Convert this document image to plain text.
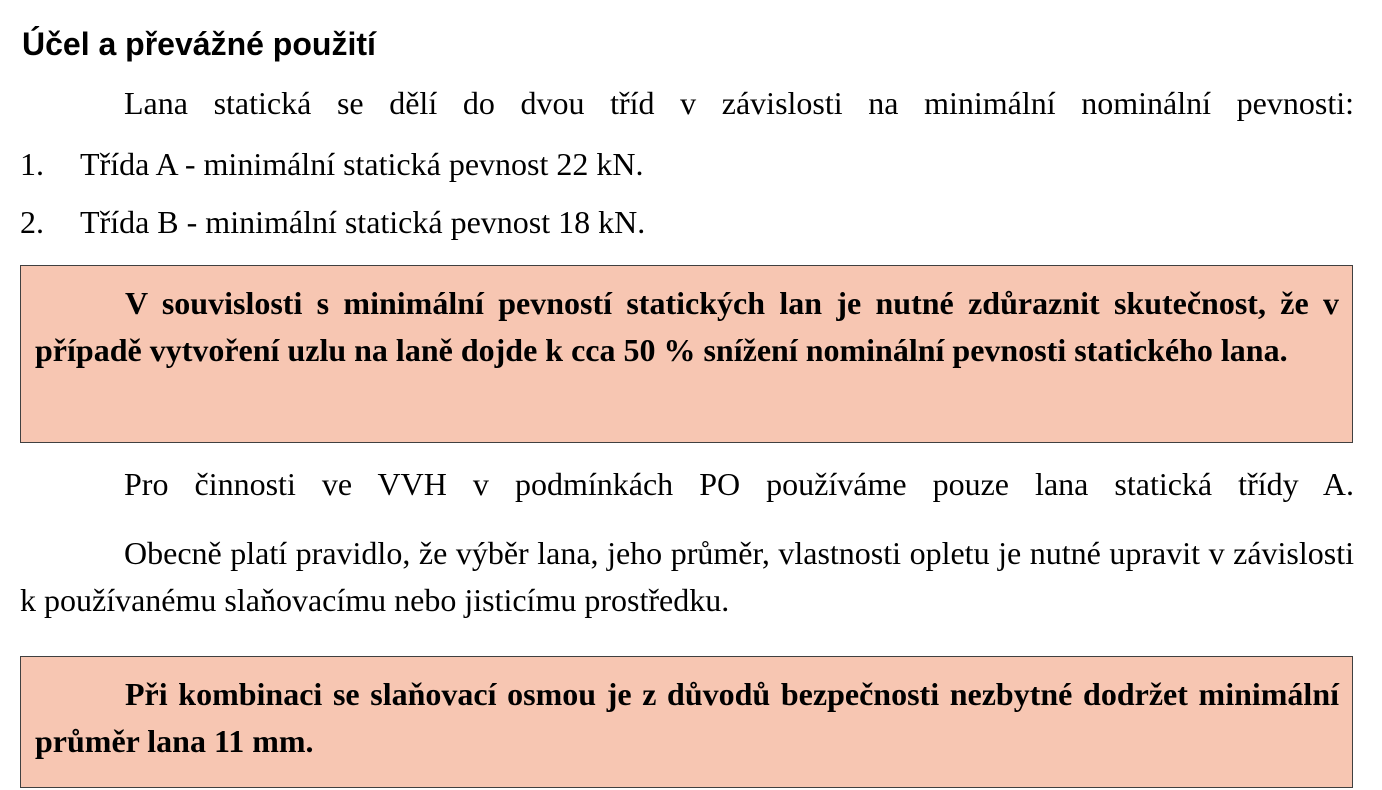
Účel a převážné použití

Lana statická se dělí do dvou tříd v závislosti na minimální nominální pevnosti:

1.	Třída A - minimální statická pevnost 22 kN.
2.	Třída B - minimální statická pevnost 18 kN.

V souvislosti s minimální pevností statických lan je nutné zdůraznit skutečnost, že v případě vytvoření uzlu na laně dojde k cca 50 % snížení nominální pevnosti statického lana.

Pro činnosti ve VVH v podmínkách PO používáme pouze lana statická třídy A.

Obecně platí pravidlo, že výběr lana, jeho průměr, vlastnosti opletu je nutné upravit v závislosti k používanému slaňovacímu nebo jisticímu prostředku.

Při kombinaci se slaňovací osmou je z důvodů bezpečnosti nezbytné dodržet minimální průměr lana 11 mm.
